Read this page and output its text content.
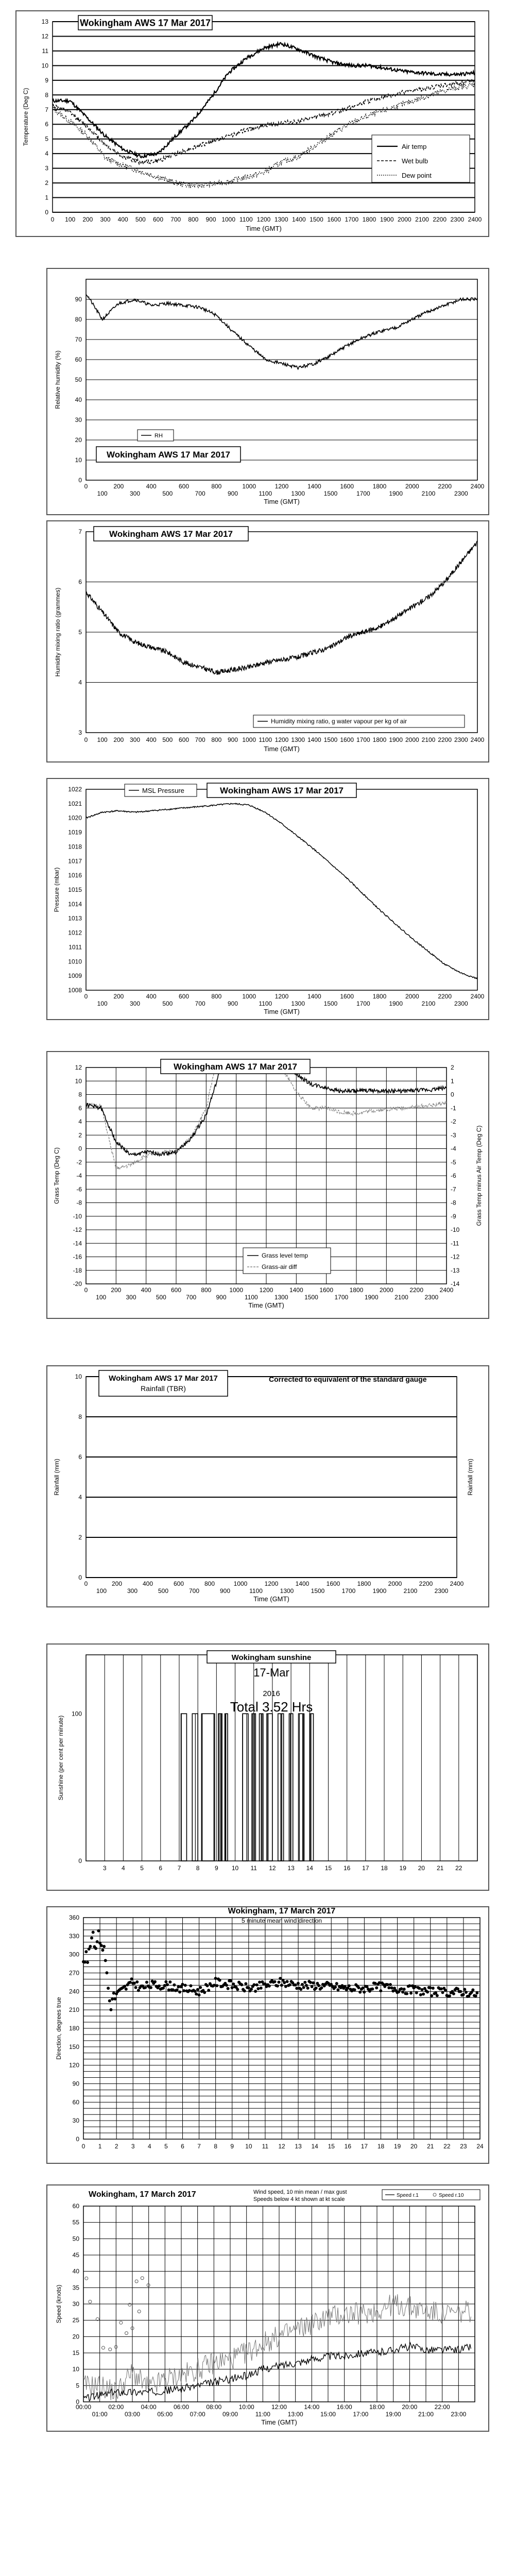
0
1
2
3
4
5
6
7
8
9
10
11
12
13
0 100 200 300 400 500 600 700 800 900 1000 1100 1200 1300 1400 1500 1600 1700 1800 1900 2000 2100 2200 2300 2400
Time (GMT)
Temperature (Deg C)
Wokingham AWS 17 Mar 2017
Air temp
Wet bulb
Dew point
0
10
20
30
40
50
60
70
80
90
0	200	400	600	800	1000	1200	1400	1600	1800	2000	2200	2400
100	300	500	700	900	1100	1300	1500	1700	1900	2100	2300
Time (GMT)
Relative humidity (%)
RH
Wokingham AWS 17 Mar 2017
3
4
5
6
7
0 100 200 300 400 500 600 700 800 900 1000 1100 1200 1300 1400 1500 1600 1700 1800 1900 2000 2100 2200 2300 2400
Time (GMT)
Humidity mixing ratio (grammes)
Wokingham AWS 17 Mar 2017
Humidity mixing ratio, g water vapour per kg of air
1008
1009
1010
1011
1012
1013
1014
1015
1016
1017
1018
1019
1020
1021
1022
0	200	400	600	800	1000	1200	1400	1600	1800	2000	2200	2400
100	300	500	700	900	1100	1300	1500	1700	1900	2100	2300
Time (GMT)
Pressure (mbar)
MSL Pressure	Wokingham AWS 17 Mar 2017
-20
-18
-16
-14
-12
-10
-8
-6
-4
-2
0
2
4
6
8
10
12
-14
-13
-12
-11
-10
-9
-8
-7
-6
-5
-4
-3
-2
-1
0
1
2
0	200	400	600	800	1000	1200	1400	1600	1800	2000	2200	2400
100	300	500	700	900	1100	1300	1500	1700	1900	2100	2300
Time (GMT)
Grass Temp (Deg C)	Grass Temp minus Air Temp (Deg C)
Wokingham AWS 17 Mar 2017
Grass level temp
Grass-air diff
0
2
4
6
8
10
0	200	400	600	800	1000	1200	1400	1600	1800	2000	2200	2400
100	300	500	700	900	1100	1300	1500	1700	1900	2100	2300
Time (GMT)
Rainfall (mm)	Rainfall (mm)
Wokingham AWS 17 Mar 2017
Rainfall (TBR)
Corrected to equivalent of the standard gauge
0
100
3 4 5 6 7 8 9 10 11 12 13 14 15 16 17 18 19 20 21 22
Sunshine (per cent per minute)
Wokingham sunshine
17-Mar
2016
Total 3.52 Hrs
0
30
60
90
120
150
180
210
240
270
300
330
360
0 1 2 3 4 5 6 7 8 9 10 11 12 13 14 15 16 17 18 19 20 21 22 23 24
Direction, degrees true
Wokingham, 17 March 2017
5 minute mean wind direction
0
5
10
15
20
25
30
35
40
45
50
55
60
00:00	02:00	04:00	06:00	08:00	10:00	12:00	14:00	16:00	18:00	20:00	22:00
01:00	03:00	05:00	07:00	09:00	11:00	13:00	15:00	17:00	19:00	21:00	23:00
Time (GMT)
Speed (knots)
Wokingham, 17 March 2017	Wind speed, 10 min mean / max gust
Speeds below 4 kt shown at kt scale
Speed r.1	Speed r.10
